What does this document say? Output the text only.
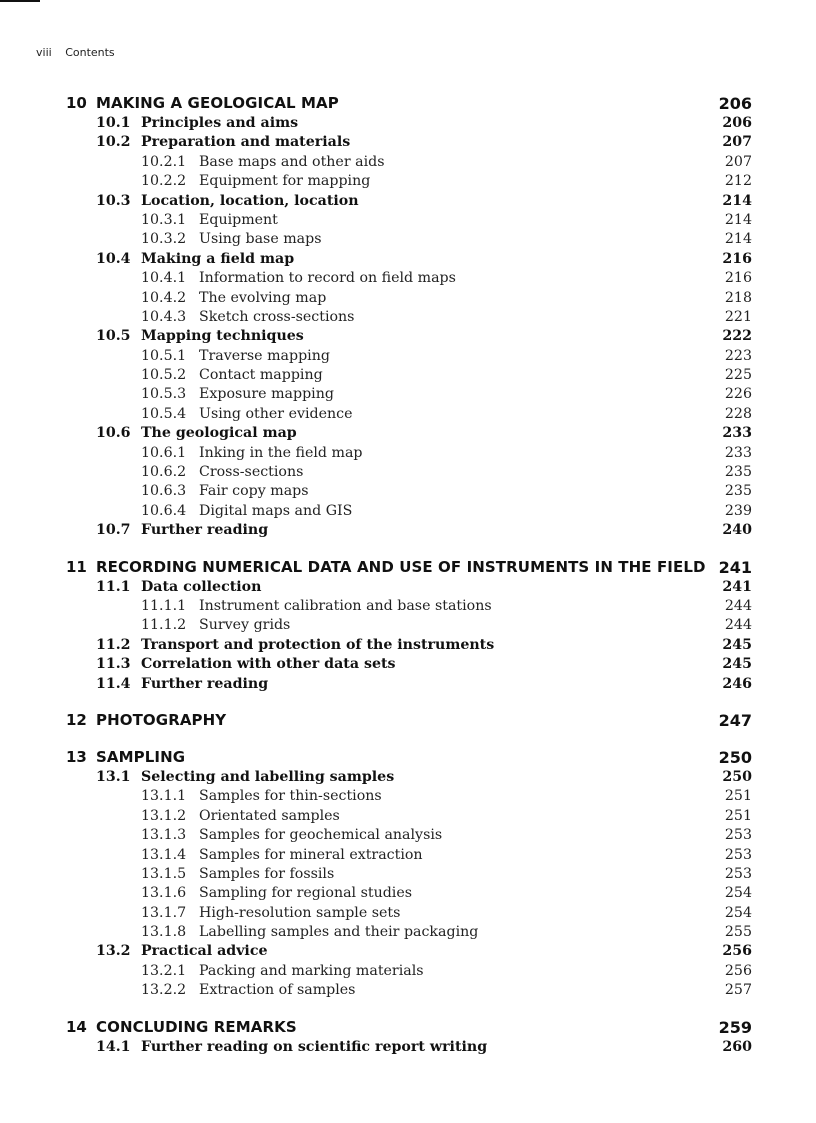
viii Contents
10 MAKING A GEOLOGICAL MAP	206
10.1 Principles and aims	206
10.2 Preparation and materials	207
10.2.1 Base maps and other aids	207
10.2.2 Equipment for mapping	212
10.3 Location, location, location	214
10.3.1 Equipment	214
10.3.2 Using base maps	214
10.4 Making a field map	216
10.4.1 Information to record on field maps	216
10.4.2 The evolving map	218
10.4.3 Sketch cross-sections	221
10.5 Mapping techniques	222
10.5.1 Traverse mapping	223
10.5.2 Contact mapping	225
10.5.3 Exposure mapping	226
10.5.4 Using other evidence	228
10.6 The geological map	233
10.6.1 Inking in the field map	233
10.6.2 Cross-sections	235
10.6.3 Fair copy maps	235
10.6.4 Digital maps and GIS	239
10.7 Further reading	240
11 RECORDING NUMERICAL DATA AND USE OF INSTRUMENTS IN THE FIELD 241
11.1 Data collection	241
11.1.1 Instrument calibration and base stations	244
11.1.2 Survey grids	244
11.2 Transport and protection of the instruments	245
11.3 Correlation with other data sets	245
11.4 Further reading	246
12 PHOTOGRAPHY	247
13 SAMPLING	250
13.1 Selecting and labelling samples	250
13.1.1 Samples for thin-sections	251
13.1.2 Orientated samples	251
13.1.3 Samples for geochemical analysis	253
13.1.4 Samples for mineral extraction	253
13.1.5 Samples for fossils	253
13.1.6 Sampling for regional studies	254
13.1.7 High-resolution sample sets	254
13.1.8 Labelling samples and their packaging	255
13.2 Practical advice	256
13.2.1 Packing and marking materials	256
13.2.2 Extraction of samples	257
14 CONCLUDING REMARKS	259
14.1 Further reading on scientific report writing	260
